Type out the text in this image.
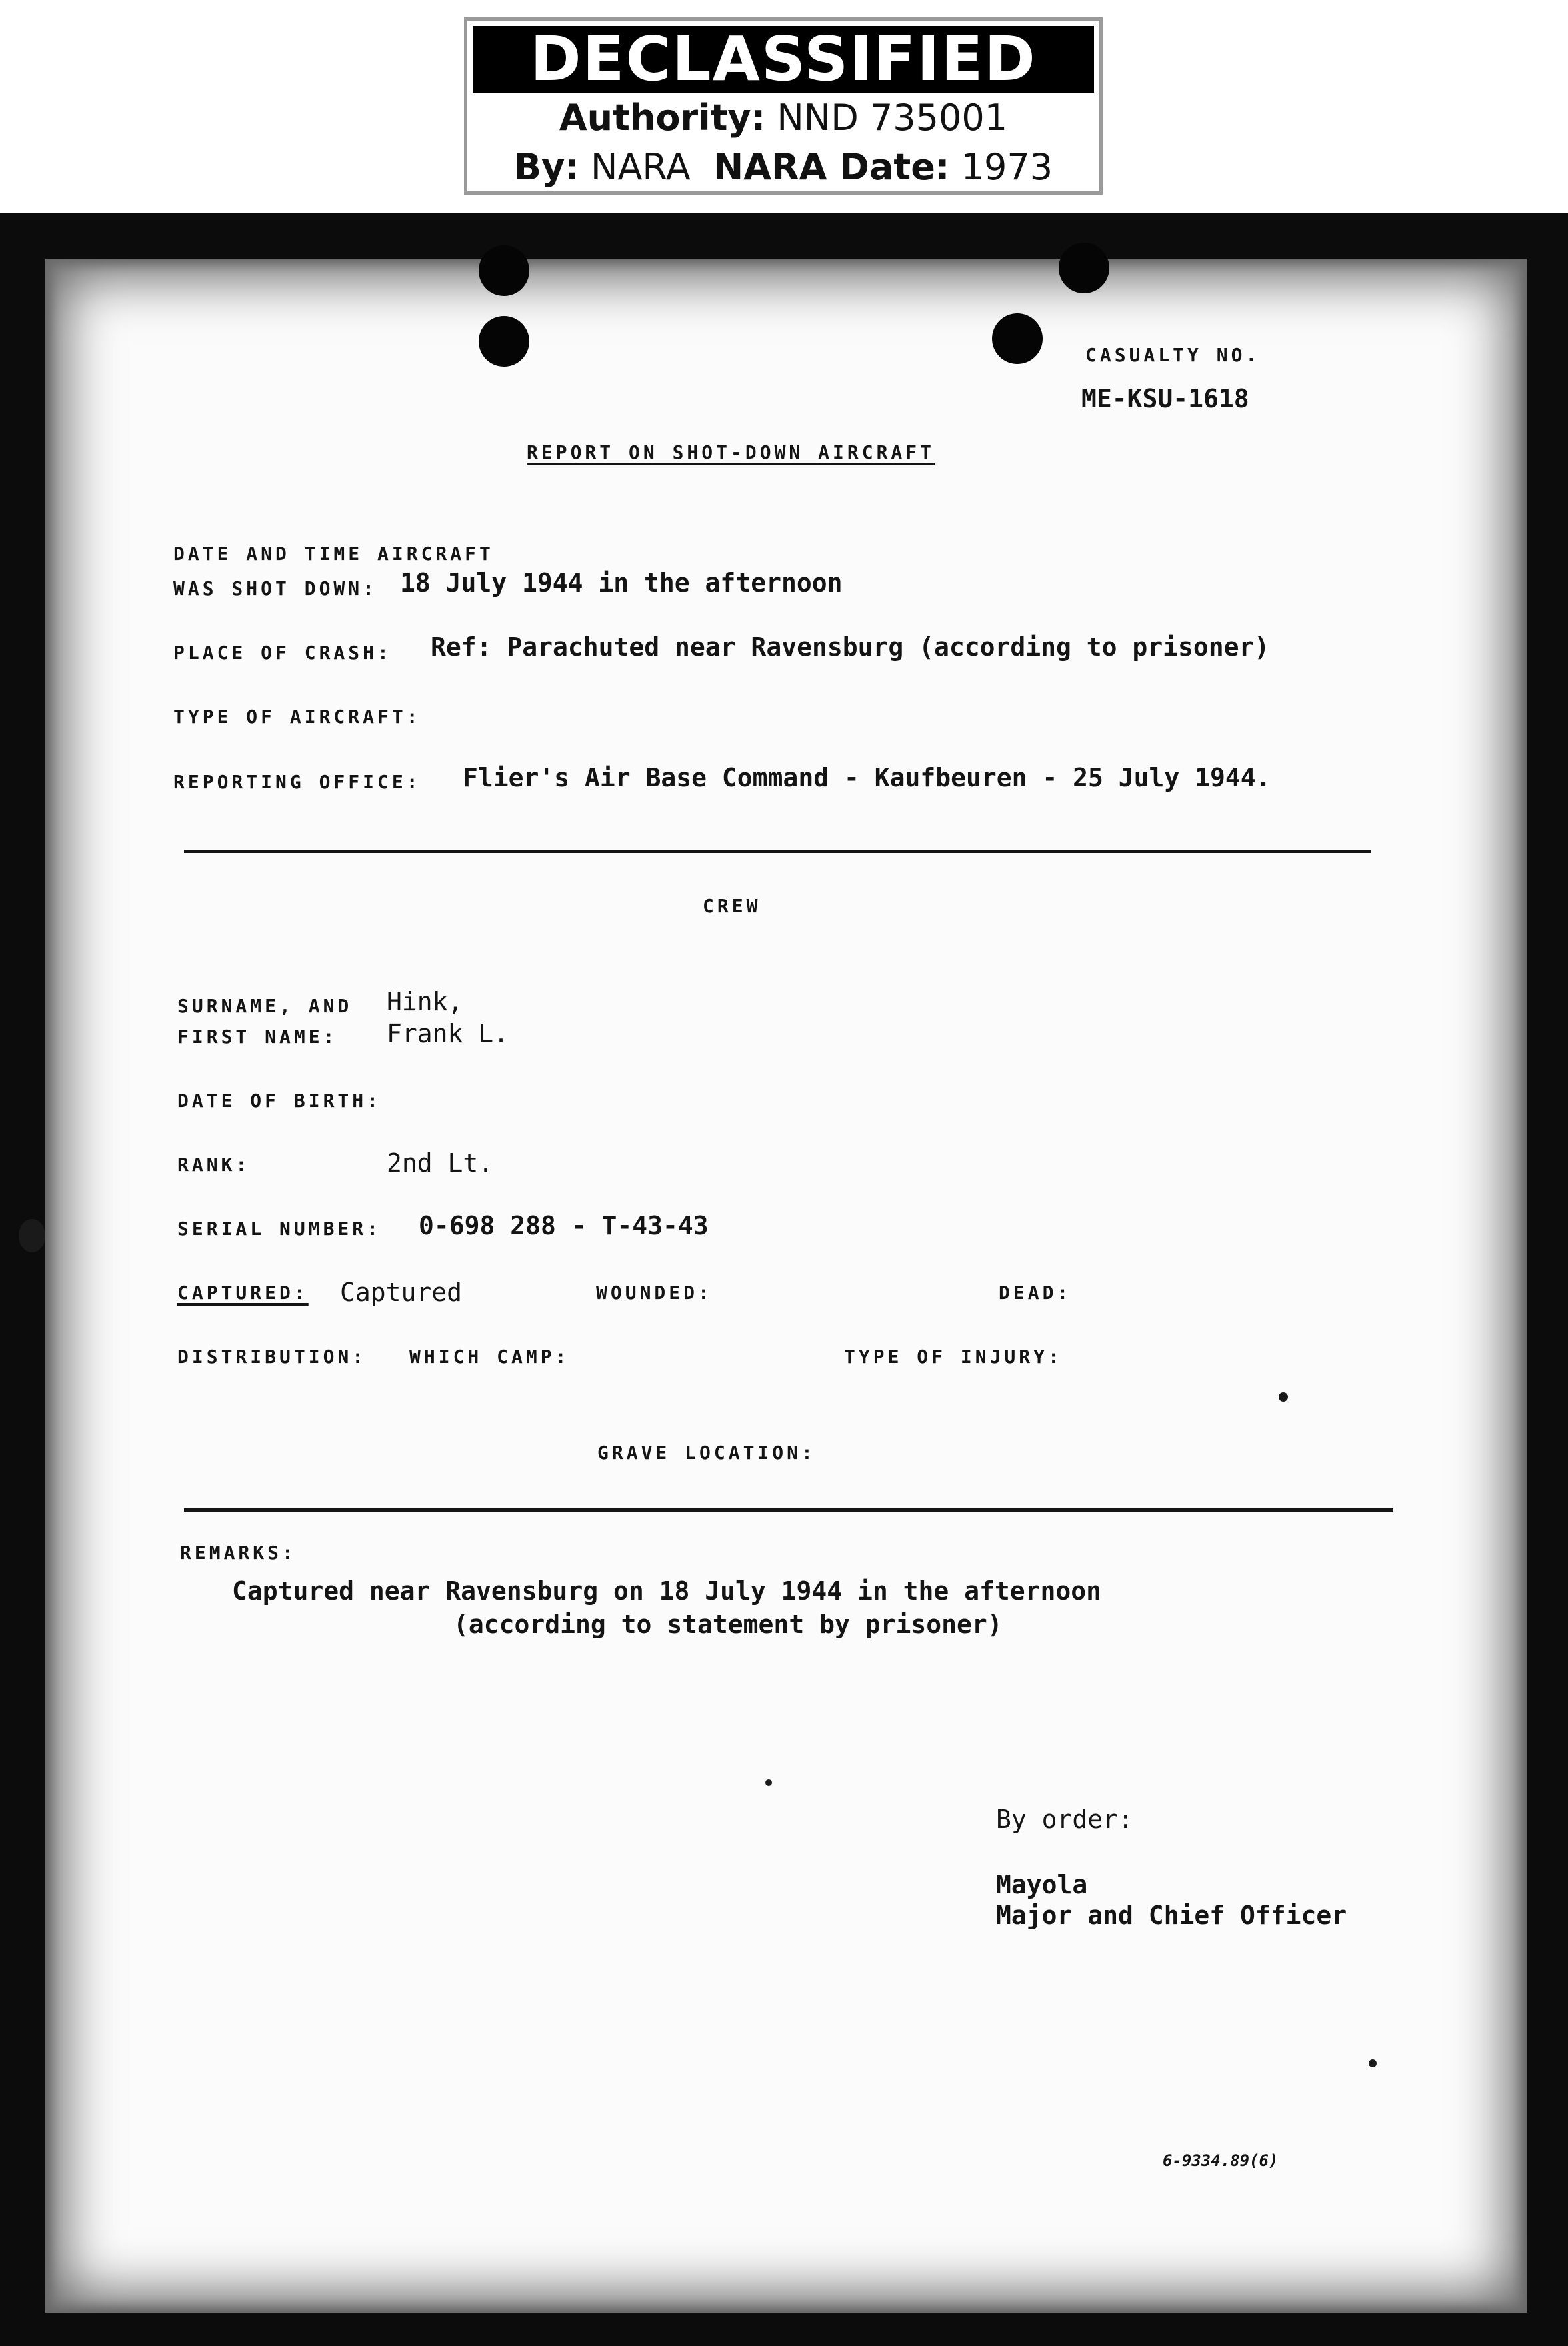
DECLASSIFIED
Authority: NND 735001
By: NARA NARA Date: 1973
CASUALTY NO.
ME-KSU-1618
REPORT ON SHOT-DOWN AIRCRAFT
DATE AND TIME AIRCRAFT
WAS SHOT DOWN: 18 July 1944 in the afternoon
PLACE OF CRASH: Ref: Parachuted near Ravensburg (according to prisoner)
TYPE OF AIRCRAFT:
REPORTING OFFICE: Flier's Air Base Command - Kaufbeuren - 25 July 1944.
CREW
SURNAME, AND
FIRST NAME:
Hink,
Frank L.
DATE OF BIRTH:
RANK:	2nd Lt.
SERIAL NUMBER: 0-698 288 - T-43-43
CAPTURED: Captured	WOUNDED:	DEAD:
DISTRIBUTION: WHICH CAMP:	TYPE OF INJURY:
GRAVE LOCATION:
REMARKS:
Captured near Ravensburg on 18 July 1944 in the afternoon
(according to statement by prisoner)
By order:
Mayola
Major and Chief Officer
6-9334.89(6)
